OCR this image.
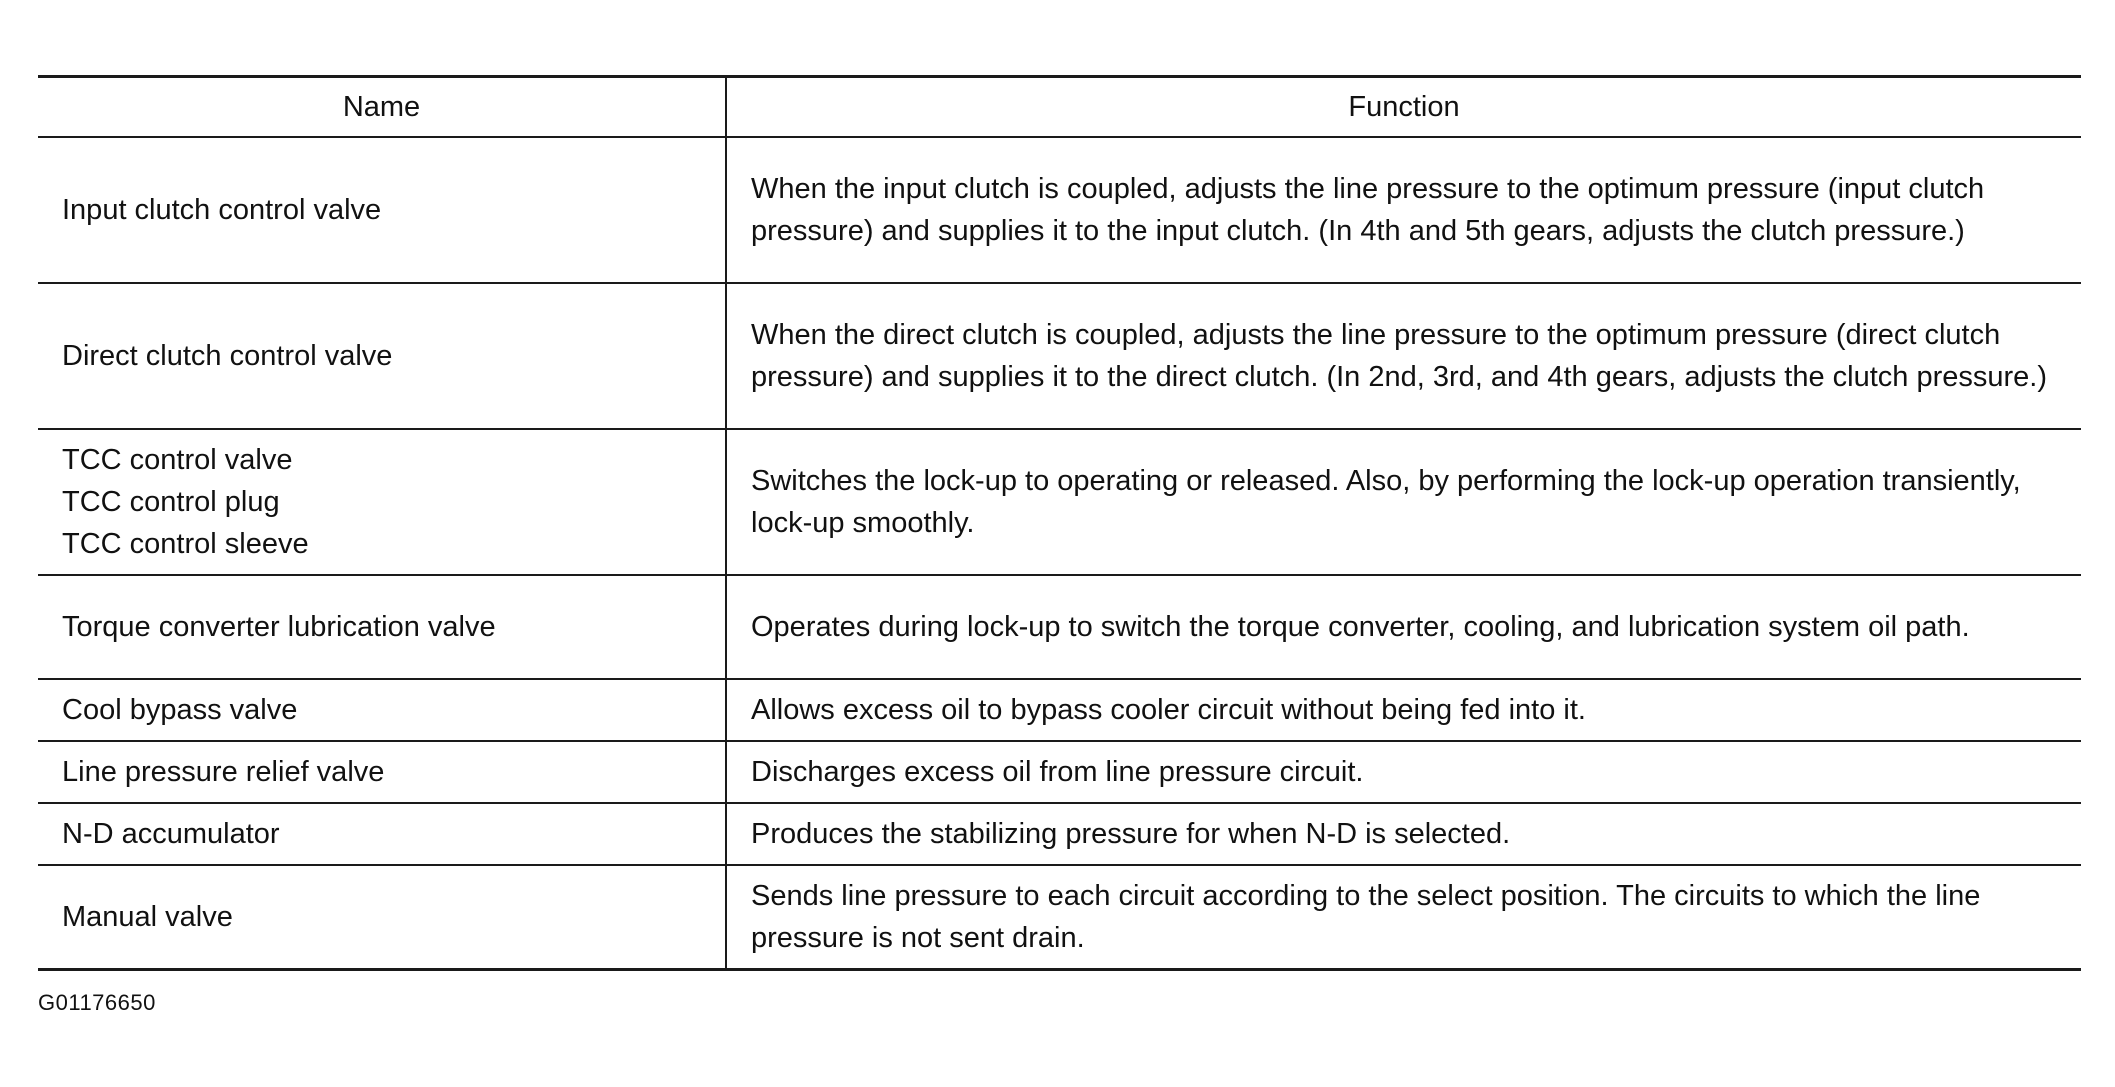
Name	Function

Input clutch control valve	When the input clutch is coupled, adjusts the line pressure to the optimum pressure (input clutch pressure) and supplies it to the input clutch. (In 4th and 5th gears, adjusts the clutch pressure.)

Direct clutch control valve	When the direct clutch is coupled, adjusts the line pressure to the optimum pressure (direct clutch pressure) and supplies it to the direct clutch. (In 2nd, 3rd, and 4th gears, adjusts the clutch pressure.)

TCC control valve
TCC control plug
TCC control sleeve	Switches the lock-up to operating or released. Also, by performing the lock-up operation transiently, lock-up smoothly.

Torque converter lubrication valve	Operates during lock-up to switch the torque converter, cooling, and lubrication system oil path.

Cool bypass valve	Allows excess oil to bypass cooler circuit without being fed into it.

Line pressure relief valve	Discharges excess oil from line pressure circuit.

N-D accumulator	Produces the stabilizing pressure for when N-D is selected.

Manual valve	Sends line pressure to each circuit according to the select position. The circuits to which the line pressure is not sent drain.
G01176650
